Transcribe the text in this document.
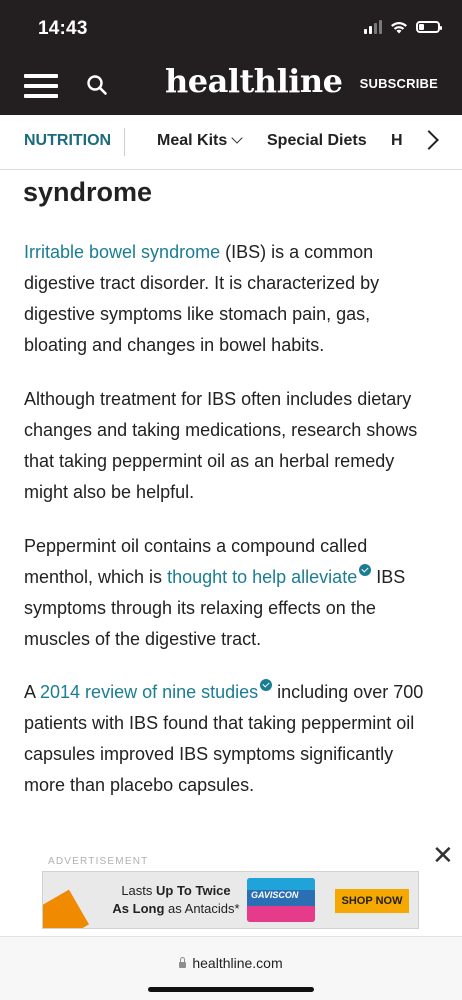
14:43
healthline SUBSCRIBE
NUTRITION	Meal Kits	Special Diets H
syndrome
Irritable bowel syndrome (IBS) is a common digestive tract disorder. It is characterized by digestive symptoms like stomach pain, gas, bloating and changes in bowel habits.
Although treatment for IBS often includes dietary changes and taking medications, research shows that taking peppermint oil as an herbal remedy might also be helpful.
Peppermint oil contains a compound called menthol, which is thought to help alleviate IBS symptoms through its relaxing effects on the muscles of the digestive tract.
A 2014 review of nine studies including over 700 patients with IBS found that taking peppermint oil capsules improved IBS symptoms significantly more than placebo capsules.
ADVERTISEMENT	✕
Lasts Up To Twice
As Long as Antacids*
GAVISCON	SHOP NOW
healthline.com
